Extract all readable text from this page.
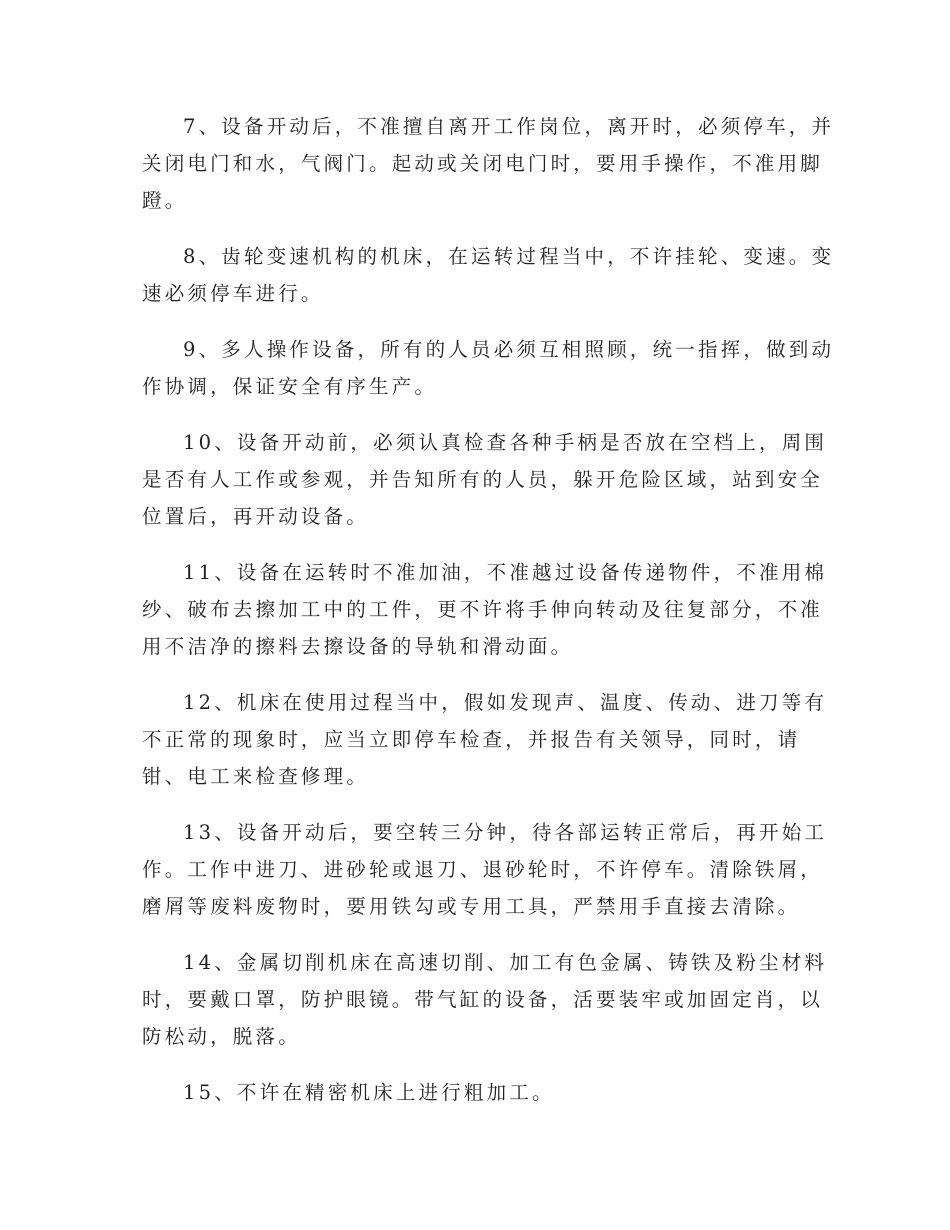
7、设备开动后，不准擅自离开工作岗位，离开时，必须停车，并
关闭电门和水，气阀门。起动或关闭电门时，要用手操作，不准用脚
蹬。

8、齿轮变速机构的机床，在运转过程当中，不许挂轮、变速。变
速必须停车进行。

9、多人操作设备，所有的人员必须互相照顾，统一指挥，做到动
作协调，保证安全有序生产。

10、设备开动前，必须认真检查各种手柄是否放在空档上，周围
是否有人工作或参观，并告知所有的人员，躲开危险区域，站到安全
位置后，再开动设备。

11、设备在运转时不准加油，不准越过设备传递物件，不准用棉
纱、破布去擦加工中的工件，更不许将手伸向转动及往复部分，不准
用不洁净的擦料去擦设备的导轨和滑动面。

12、机床在使用过程当中，假如发现声、温度、传动、进刀等有
不正常的现象时，应当立即停车检查，并报告有关领导，同时，请
钳、电工来检查修理。

13、设备开动后，要空转三分钟，待各部运转正常后，再开始工
作。工作中进刀、进砂轮或退刀、退砂轮时，不许停车。清除铁屑，
磨屑等废料废物时，要用铁勾或专用工具，严禁用手直接去清除。

14、金属切削机床在高速切削、加工有色金属、铸铁及粉尘材料
时，要戴口罩，防护眼镜。带气缸的设备，活要装牢或加固定肖，以
防松动，脱落。

15、不许在精密机床上进行粗加工。
